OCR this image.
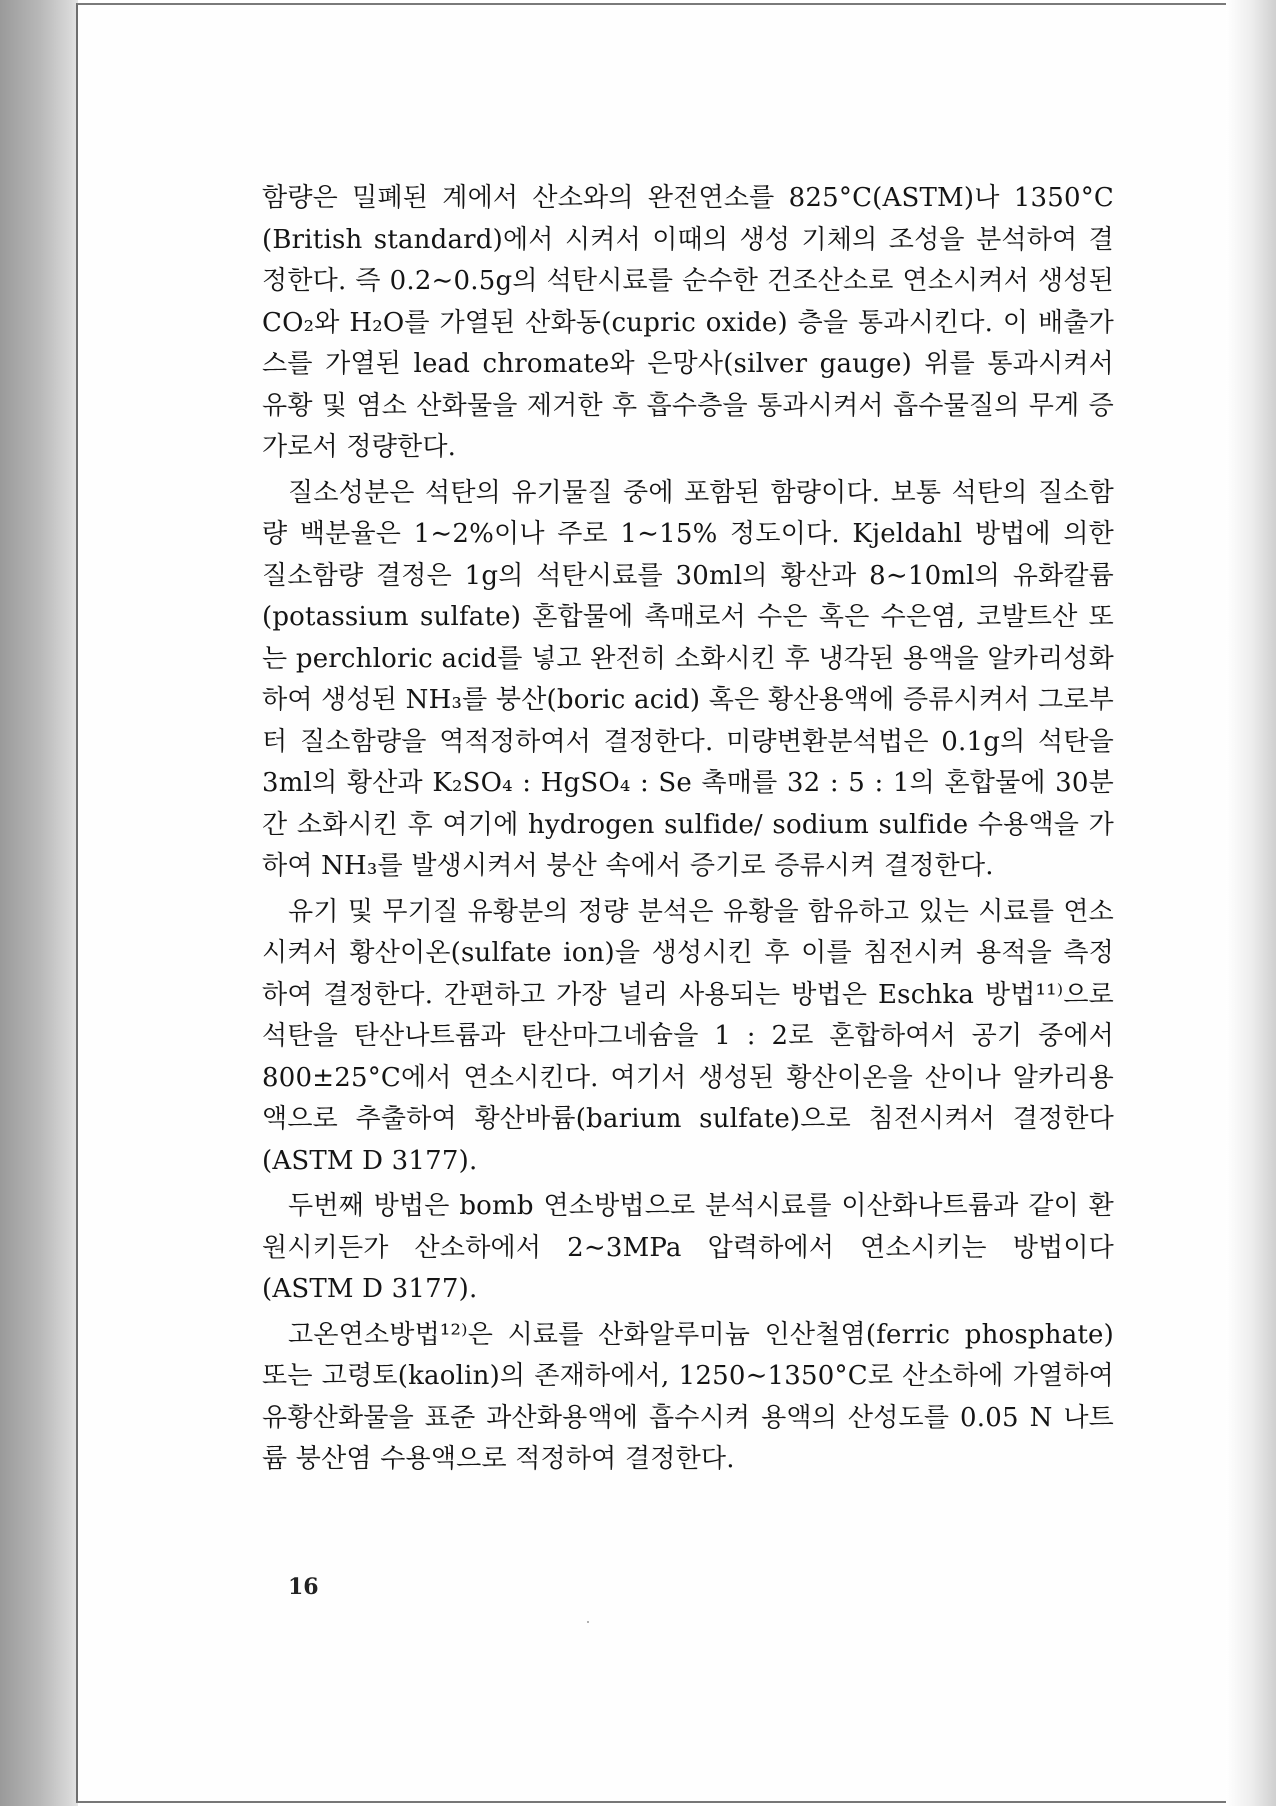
함량은 밀폐된 계에서 산소와의 완전연소를 825°C(ASTM)나 1350°C (British standard)에서 시켜서 이때의 생성 기체의 조성을 분석하여 결정한다. 즉 0.2∼0.5g의 석탄시료를 순수한 건조산소로 연소시켜서 생성된 CO₂와 H₂O를 가열된 산화동(cupric oxide) 층을 통과시킨다. 이 배출가스를 가열된 lead chromate와 은망사(silver gauge) 위를 통과시켜서 유황 및 염소 산화물을 제거한 후 흡수층을 통과시켜서 흡수물질의 무게 증가로서 정량한다.

질소성분은 석탄의 유기물질 중에 포함된 함량이다. 보통 석탄의 질소함량 백분율은 1∼2%이나 주로 1∼15% 정도이다. Kjeldahl 방법에 의한 질소함량 결정은 1g의 석탄시료를 30ml의 황산과 8∼10ml의 유화칼륨(potassium sulfate) 혼합물에 촉매로서 수은 혹은 수은염, 코발트산 또는 perchloric acid를 넣고 완전히 소화시킨 후 냉각된 용액을 알카리성화하여 생성된 NH₃를 붕산(boric acid) 혹은 황산용액에 증류시켜서 그로부터 질소함량을 역적정하여서 결정한다. 미량변환분석법은 0.1g의 석탄을 3ml의 황산과 K₂SO₄ : HgSO₄ : Se 촉매를 32 : 5 : 1의 혼합물에 30분간 소화시킨 후 여기에 hydrogen sulfide/ sodium sulfide 수용액을 가하여 NH₃를 발생시켜서 붕산 속에서 증기로 증류시켜 결정한다.

유기 및 무기질 유황분의 정량 분석은 유황을 함유하고 있는 시료를 연소시켜서 황산이온(sulfate ion)을 생성시킨 후 이를 침전시켜 용적을 측정하여 결정한다. 간편하고 가장 널리 사용되는 방법은 Eschka 방법¹¹⁾으로 석탄을 탄산나트륨과 탄산마그네슘을 1 : 2로 혼합하여서 공기 중에서 800±25°C에서 연소시킨다. 여기서 생성된 황산이온을 산이나 알카리용액으로 추출하여 황산바륨(barium sulfate)으로 침전시켜서 결정한다(ASTM D 3177).

두번째 방법은 bomb 연소방법으로 분석시료를 이산화나트륨과 같이 환원시키든가 산소하에서 2∼3MPa 압력하에서 연소시키는 방법이다(ASTM D 3177).

고온연소방법¹²⁾은 시료를 산화알루미늄 인산철염(ferric phosphate) 또는 고령토(kaolin)의 존재하에서, 1250∼1350°C로 산소하에 가열하여 유황산화물을 표준 과산화용액에 흡수시켜 용액의 산성도를 0.05 N 나트륨 붕산염 수용액으로 적정하여 결정한다.

16
